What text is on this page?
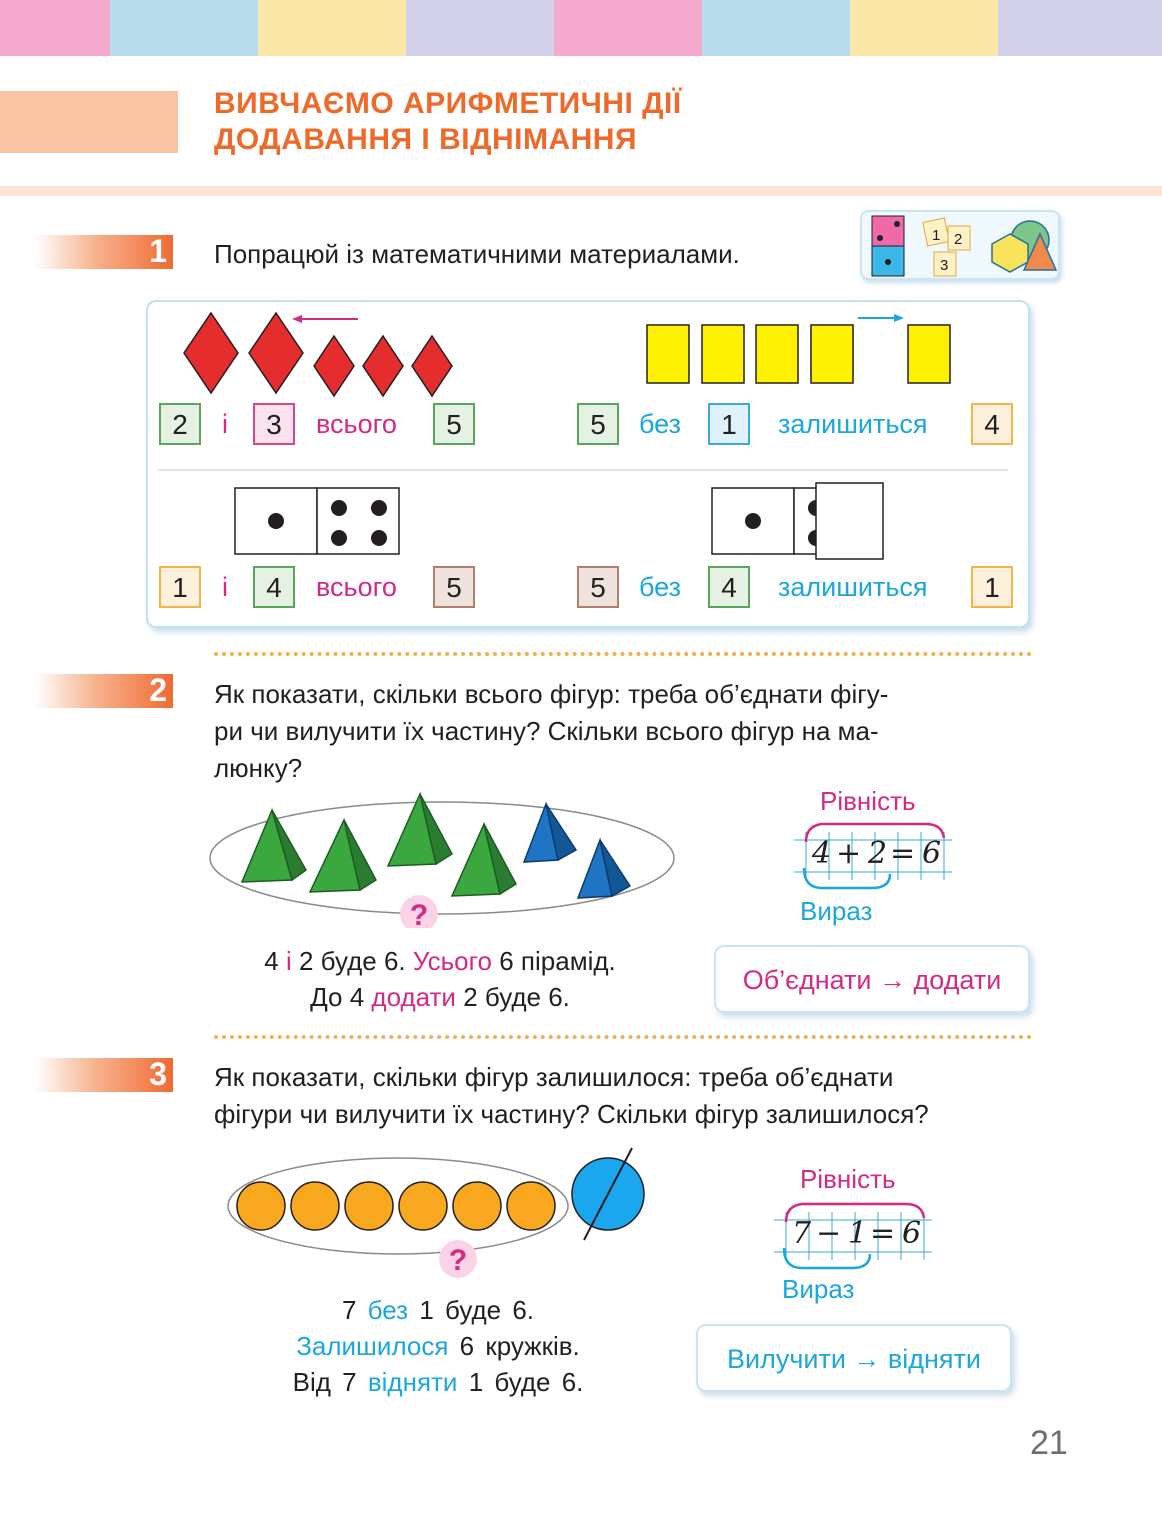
ВИВЧАЄМО АРИФМЕТИЧНІ ДІЇ
ДОДАВАННЯ І ВІДНІМАННЯ
1 Попрацюй із математичними материалами.
1 2
3
2	і	3	всього	5	5	без	1	залишиться	4
1	і	4	всього	5	5	без	4	залишиться	1
2 Як показати, скільки всього фігур: треба об’єднати фігу-
ри чи вилучити їх частину? Скільки всього фігур на ма-
люнку?
?
4 і 2 буде 6. Усього 6 пірамід.
До 4 додати 2 буде 6.
Рівність
4 + 2 = 6
Вираз
Об’єднати → додати
3 Як показати, скільки фігур залишилося: треба об’єднати
фігури чи вилучити їх частину? Скільки фігур залишилося?
?
7 без 1 буде 6.
Залишилося 6 кружків.
Від 7 відняти 1 буде 6.
Рівність
7 − 1 = 6
Вираз
Вилучити → відняти
21
